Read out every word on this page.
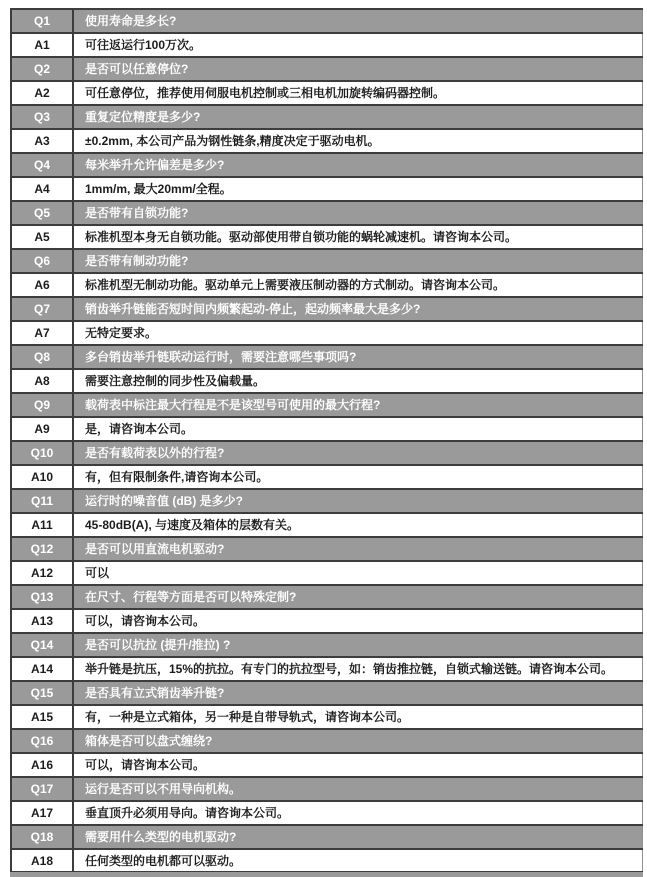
Q1	使用寿命是多长?
A1	可往返运行100万次。
Q2	是否可以任意停位?
A2	可任意停位，推荐使用伺服电机控制或三相电机加旋转编码器控制。
Q3	重复定位精度是多少?
A3	±0.2mm, 本公司产品为钢性链条,精度决定于驱动电机。
Q4	每米举升允许偏差是多少?
A4	1mm/m, 最大20mm/全程。
Q5	是否带有自锁功能?
A5	标准机型本身无自锁功能。驱动部使用带自锁功能的蜗轮减速机。请咨询本公司。
Q6	是否带有制动功能?
A6	标准机型无制动功能。驱动单元上需要液压制动器的方式制动。请咨询本公司。
Q7	销齿举升链能否短时间内频繁起动-停止，起动频率最大是多少?
A7	无特定要求。
Q8	多台销齿举升链联动运行时，需要注意哪些事项吗?
A8	需要注意控制的同步性及偏载量。
Q9	载荷表中标注最大行程是不是该型号可使用的最大行程?
A9	是，请咨询本公司。
Q10	是否有载荷表以外的行程?
A10	有，但有限制条件,请咨询本公司。
Q11	运行时的噪音值 (dB) 是多少?
A11	45-80dB(A), 与速度及箱体的层数有关。
Q12	是否可以用直流电机驱动?
A12	可以
Q13	在尺寸、行程等方面是否可以特殊定制?
A13	可以，请咨询本公司。
Q14	是否可以抗拉 (提升/推拉) ?
A14	举升链是抗压，15%的抗拉。有专门的抗拉型号，如：销齿推拉链，自锁式输送链。请咨询本公司。
Q15	是否具有立式销齿举升链?
A15	有，一种是立式箱体，另一种是自带导轨式，请咨询本公司。
Q16	箱体是否可以盘式缠绕?
A16	可以，请咨询本公司。
Q17	运行是否可以不用导向机构。
A17	垂直顶升必须用导向。请咨询本公司。
Q18	需要用什么类型的电机驱动?
A18	任何类型的电机都可以驱动。
